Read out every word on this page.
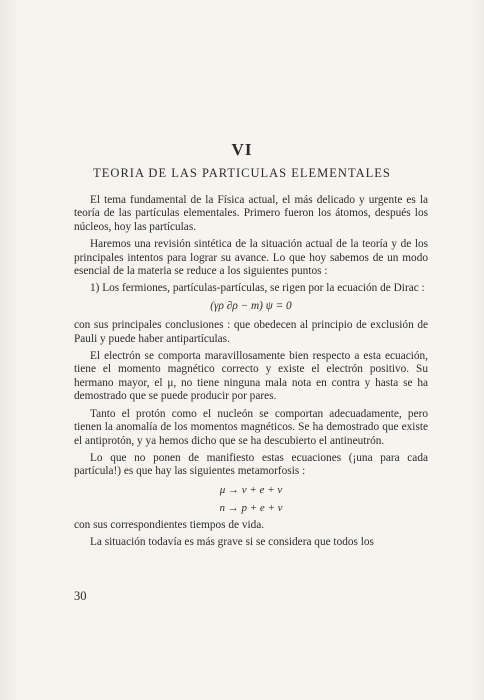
VI
TEORIA DE LAS PARTICULAS ELEMENTALES

El tema fundamental de la Física actual, el más delicado y urgente es la teoría de las partículas elementales. Primero fueron los átomos, después los núcleos, hoy las partículas.

Haremos una revisión sintética de la situación actual de la teoría y de los principales intentos para lograr su avance. Lo que hoy sabemos de un modo esencial de la materia se reduce a los siguientes puntos :

1) Los fermiones, partículas-partículas, se rigen por la ecuación de Dirac :

(γρ ∂ρ − m) ψ = 0

con sus principales conclusiones : que obedecen al principio de exclusión de Pauli y puede haber antipartículas.

El electrón se comporta maravillosamente bien respecto a esta ecuación, tiene el momento magnético correcto y existe el electrón positivo. Su hermano mayor, el μ, no tiene ninguna mala nota en contra y hasta se ha demostrado que se puede producir por pares.

Tanto el protón como el nucleón se comportan adecuadamente, pero tienen la anomalía de los momentos magnéticos. Se ha demostrado que existe el antiprotón, y ya hemos dicho que se ha descubierto el antineutrón.

Lo que no ponen de manifiesto estas ecuaciones (¡una para cada partícula!) es que hay las siguientes metamorfosis :

μ → ν + e + ν
n → p + e + ν

con sus correspondientes tiempos de vida.

La situación todavía es más grave si se considera que todos los

30
